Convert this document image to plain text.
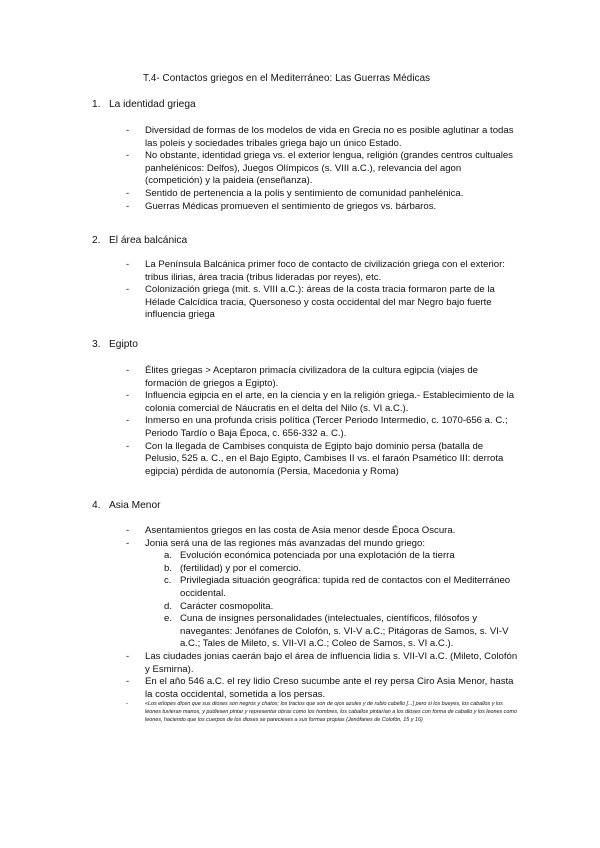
T.4- Contactos griegos en el Mediterráneo: Las Guerras Médicas
1. La identidad griega
- Diversidad de formas de los modelos de vida en Grecia no es posible aglutinar a todas las poleis y sociedades tribales griega bajo un único Estado.
- No obstante, identidad griega vs. el exterior lengua, religión (grandes centros cultuales panhelénicos: Delfos), Juegos Olímpicos (s. VIII a.C.), relevancia del agon (competición) y la paideia (enseñanza).
- Sentido de pertenencia a la polis y sentimiento de comunidad panhelénica.
- Guerras Médicas promueven el sentimiento de griegos vs. bárbaros.
2. El área balcánica
- La Península Balcánica primer foco de contacto de civilización griega con el exterior: tribus ilirias, área tracia (tribus lideradas por reyes), etc.
- Colonización griega (mit. s. VIII a.C.): áreas de la costa tracia formaron parte de la Hélade Calcídica tracia, Quersoneso y costa occidental del mar Negro bajo fuerte influencia griega
3. Egipto
- Élites griegas > Aceptaron primacía civilizadora de la cultura egipcia (viajes de formación de griegos a Egipto).
- Influencia egipcia en el arte, en la ciencia y en la religión griega.- Establecimiento de la colonia comercial de Náucratis en el delta del Nilo (s. VI a.C.).
- Inmerso en una profunda crisis política (Tercer Periodo Intermedio, c. 1070-656 a. C.; Periodo Tardío o Baja Época, c. 656-332 a. C.).
- Con la llegada de Cambises conquista de Egipto bajo dominio persa (batalla de Pelusio, 525 a. C., en el Bajo Egipto, Cambises II vs. el faraón Psamético III: derrota egipcia) pérdida de autonomía (Persia, Macedonia y Roma)
4. Asia Menor
- Asentamientos griegos en las costa de Asia menor desde Época Oscura.
- Jonia será una de las regiones más avanzadas del mundo griego:
a. Evolución económica potenciada por una explotación de la tierra
b. (fertilidad) y por el comercio.
c. Privilegiada situación geográfica: tupida red de contactos con el Mediterráneo occidental.
d. Carácter cosmopolita.
e. Cuna de insignes personalidades (intelectuales, científicos, filósofos y navegantes: Jenófanes de Colofón, s. VI-V a.C.; Pitágoras de Samos, s. VI-V a.C.; Tales de Mileto, s. VII-VI a.C.; Coleo de Samos, s. VI a.C.).
- Las ciudades jonias caerán bajo el área de influencia lidia s. VII-VI a.C. (Mileto, Colofón y Esmirna).
- En el año 546 a.C. el rey lidio Creso sucumbe ante el rey persa Ciro Asia Menor, hasta la costa occidental, sometida a los persas.
-	«Los etíopes dicen que sus dioses son negros y chatos; los tracios que son de ojos azules y de rubio cabello [...] pero si los bueyes, los caballos y los leones tuvieran manos, y pudiesen pintar y representar obras como los hombres, los caballos pintarían a los dioses con forma de caballo y los leones como leones, haciendo que los cuerpos de los dioses se parecieses a sus formas propias (Jenófanes de Colofón, 15 y 16)
